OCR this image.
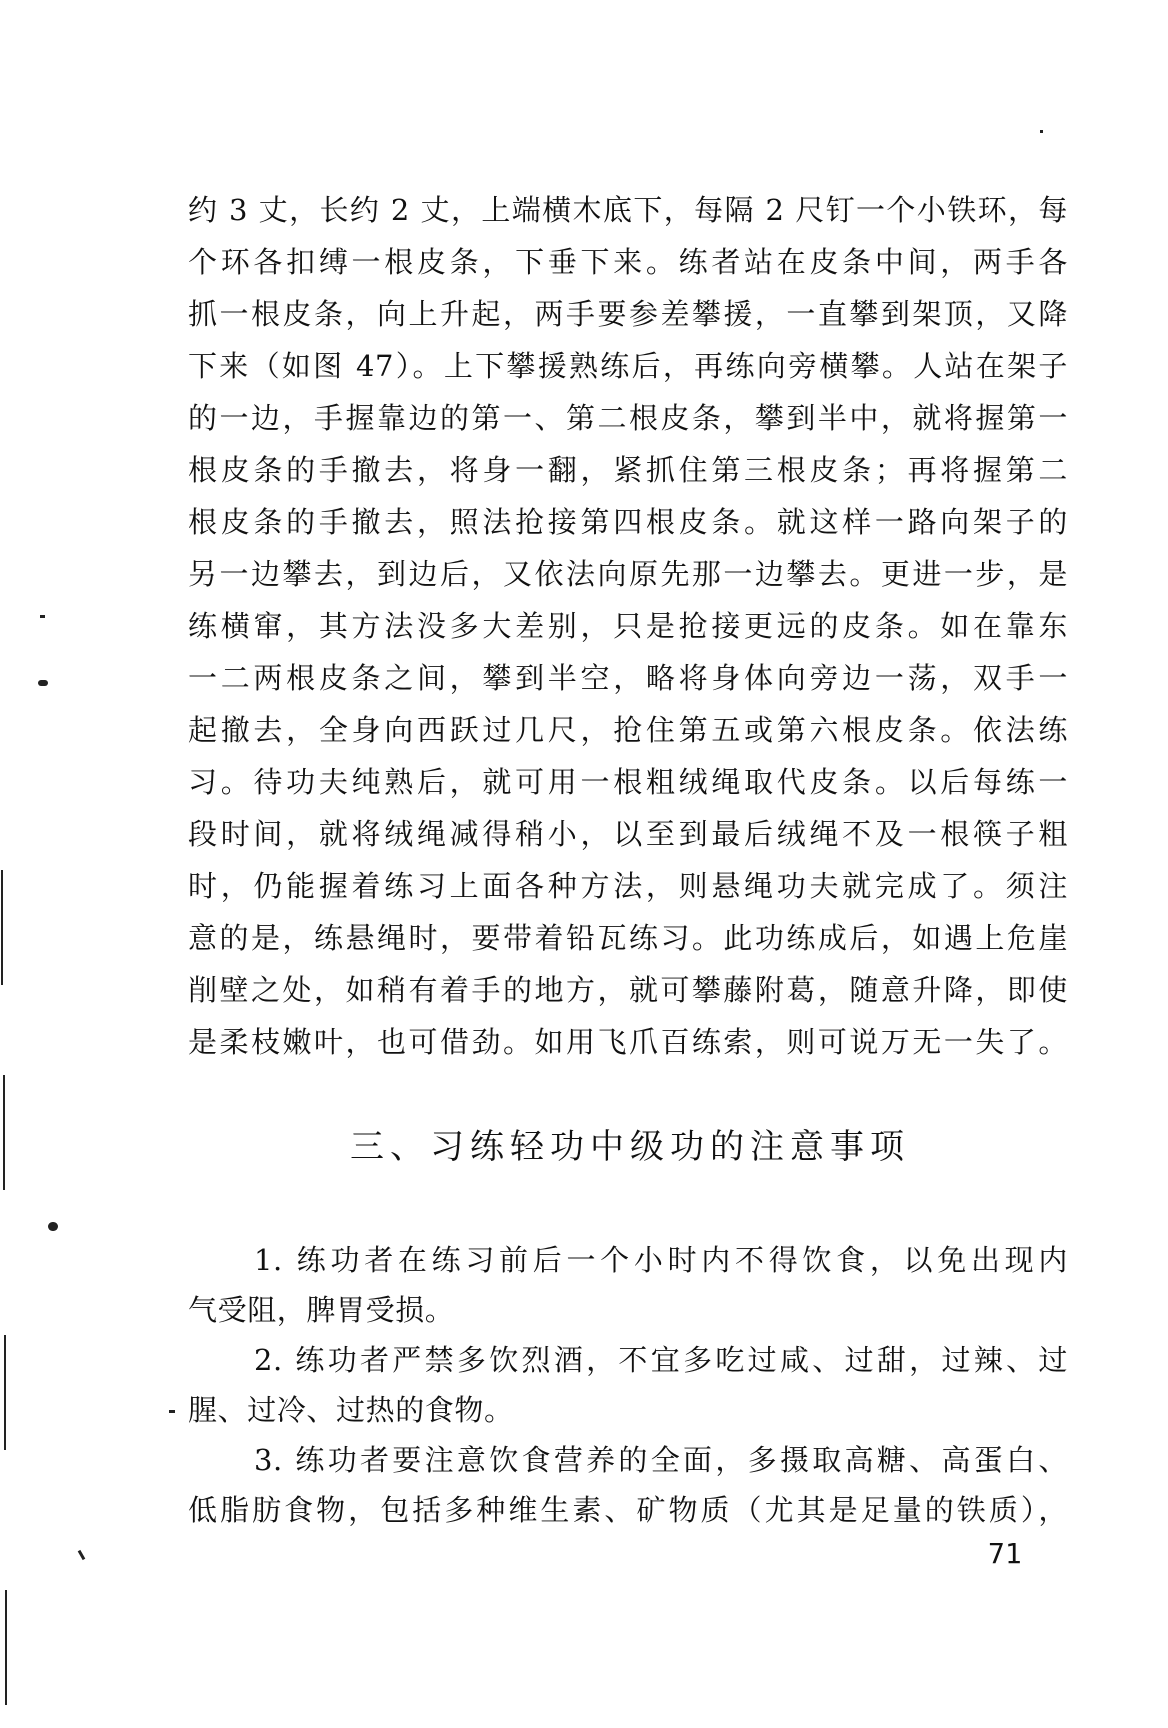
约 3 丈，长约 2 丈，上端横木底下，每隔 2 尺钉一个小铁环，每
个环各扣缚一根皮条，下垂下来。练者站在皮条中间，两手各
抓一根皮条，向上升起，两手要参差攀援，一直攀到架顶，又降
下来（如图 47）。上下攀援熟练后，再练向旁横攀。人站在架子
的一边，手握靠边的第一、第二根皮条，攀到半中，就将握第一
根皮条的手撤去，将身一翻，紧抓住第三根皮条；再将握第二
根皮条的手撤去，照法抢接第四根皮条。就这样一路向架子的
另一边攀去，到边后，又依法向原先那一边攀去。更进一步，是
练横窜，其方法没多大差别，只是抢接更远的皮条。如在靠东
一二两根皮条之间，攀到半空，略将身体向旁边一荡，双手一
起撤去，全身向西跃过几尺，抢住第五或第六根皮条。依法练
习。待功夫纯熟后，就可用一根粗绒绳取代皮条。以后每练一
段时间，就将绒绳减得稍小，以至到最后绒绳不及一根筷子粗
时，仍能握着练习上面各种方法，则悬绳功夫就完成了。须注
意的是，练悬绳时，要带着铅瓦练习。此功练成后，如遇上危崖
削壁之处，如稍有着手的地方，就可攀藤附葛，随意升降，即使
是柔枝嫩叶，也可借劲。如用飞爪百练索，则可说万无一失了。
三、习练轻功中级功的注意事项
1. 练功者在练习前后一个小时内不得饮食，以免出现内
气受阻，脾胃受损。
2. 练功者严禁多饮烈酒，不宜多吃过咸、过甜，过辣、过
腥、过冷、过热的食物。
3. 练功者要注意饮食营养的全面，多摄取高糖、高蛋白、
低脂肪食物，包括多种维生素、矿物质（尤其是足量的铁质），
71
